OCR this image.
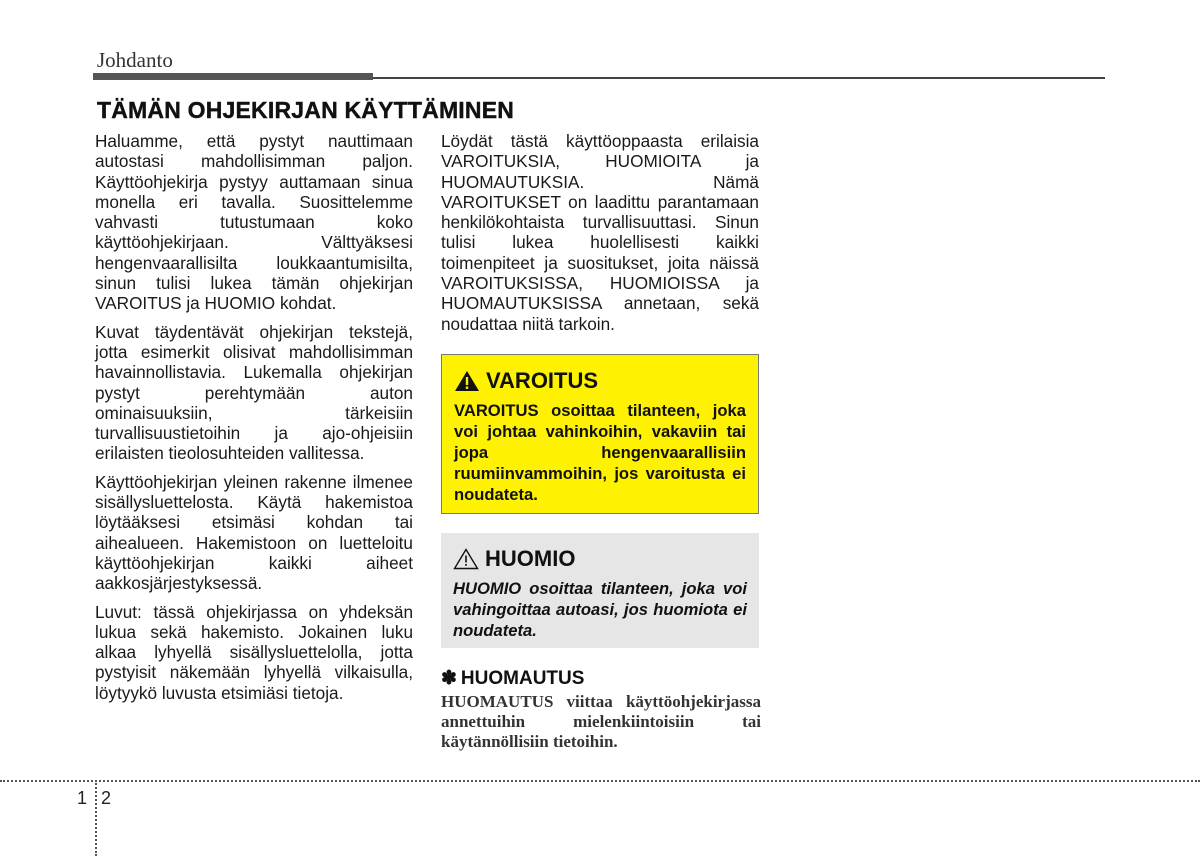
Johdanto
TÄMÄN OHJEKIRJAN KÄYTTÄMINEN

Haluamme, että pystyt nauttimaan autostasi mahdollisimman paljon. Käyttöohjekirja pystyy auttamaan sinua monella eri tavalla. Suosittelemme vahvasti tutustumaan koko käyttöohjekirjaan. Välttyäksesi hengenvaarallisilta loukkaantumisilta, sinun tulisi lukea tämän ohjekirjan VAROITUS ja HUOMIO kohdat.

Kuvat täydentävät ohjekirjan tekstejä, jotta esimerkit olisivat mahdollisimman havainnollistavia. Lukemalla ohjekirjan pystyt perehtymään auton ominaisuuksiin, tärkeisiin turvallisuustietoihin ja ajo-ohjeisiin erilaisten tieolosuhteiden vallitessa.

Käyttöohjekirjan yleinen rakenne ilmenee sisällysluettelosta. Käytä hakemistoa löytääksesi etsimäsi kohdan tai aihealueen. Hakemistoon on luetteloitu käyttöohjekirjan kaikki aiheet aakkosjärjestyksessä.

Luvut: tässä ohjekirjassa on yhdeksän lukua sekä hakemisto. Jokainen luku alkaa lyhyellä sisällysluettelolla, jotta pystyisit näkemään lyhyellä vilkaisulla, löytyykö luvusta etsimiäsi tietoja.

Löydät tästä käyttöoppaasta erilaisia VAROITUKSIA, HUOMIOITA ja HUOMAUTUKSIA. Nämä VAROITUKSET on laadittu parantamaan henkilökohtaista turvallisuuttasi. Sinun tulisi lukea huolellisesti kaikki toimenpiteet ja suositukset, joita näissä VAROITUKSISSA, HUOMIOISSA ja HUOMAUTUKSISSA annetaan, sekä noudattaa niitä tarkoin.

VAROITUS
VAROITUS osoittaa tilanteen, joka voi johtaa vahinkoihin, vakaviin tai jopa hengenvaarallisiin ruumiinvammoihin, jos varoitusta ei noudateta.
HUOMIO
HUOMIO osoittaa tilanteen, joka voi vahingoittaa autoasi, jos huomiota ei noudateta.
✽ HUOMAUTUS
HUOMAUTUS viittaa käyttöohjekirjassa annettuihin mielenkiintoisiin tai käytännöllisiin tietoihin.
1 2
